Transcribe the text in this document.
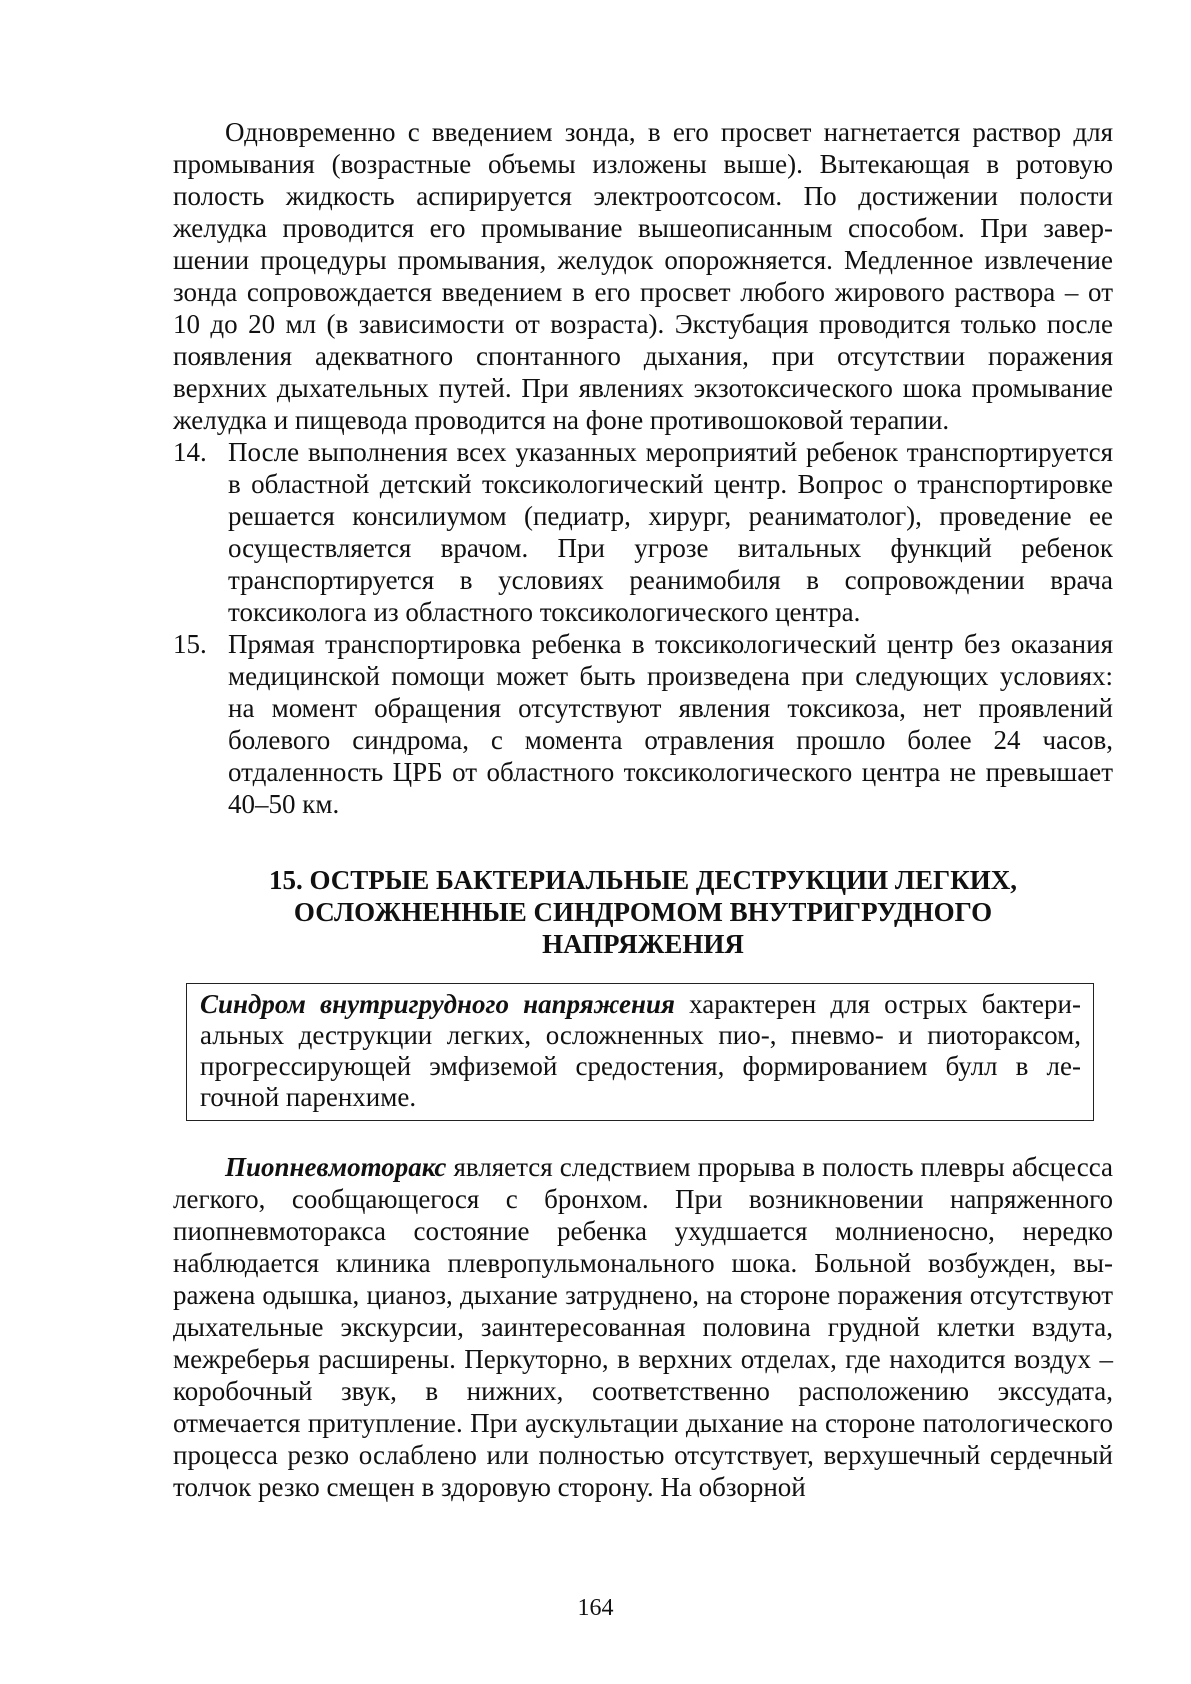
Одновременно с введением зонда, в его просвет нагнетается раствор для промывания (возрастные объемы изложены выше). Вытекающая в ротовую полость жидкость аспирируется электроотсосом. По достижении полости желудка проводится его промывание вышеописанным способом. При завершении процедуры промывания, желудок опорожняется. Медленное извлечение зонда сопровождается введением в его просвет любого жирового раствора – от 10 до 20 мл (в зависимости от возраста). Экстубация проводится только после появления адекватного спонтанного дыхания, при отсутствии поражения верхних дыхательных путей. При явлениях экзотоксического шока промывание желудка и пищевода проводится на фоне противошоковой терапии.

14. После выполнения всех указанных мероприятий ребенок транспортируется в областной детский токсикологический центр. Вопрос о транспортировке решается консилиумом (педиатр, хирург, реаниматолог), проведение ее осуществляется врачом. При угрозе витальных функций ребенок транспортируется в условиях реанимобиля в сопровождении врача токсиколога из областного токсикологического центра.
15. Прямая транспортировка ребенка в токсикологический центр без оказания медицинской помощи может быть произведена при следующих условиях: на момент обращения отсутствуют явления токсикоза, нет проявлений болевого синдрома, с момента отравления прошло более 24 часов, отдаленность ЦРБ от областного токсикологического центра не превышает 40–50 км.
15. ОСТРЫЕ БАКТЕРИАЛЬНЫЕ ДЕСТРУКЦИИ ЛЕГКИХ,
ОСЛОЖНЕННЫЕ СИНДРОМОМ ВНУТРИГРУДНОГО
НАПРЯЖЕНИЯ
Синдром внутригрудного напряжения характерен для острых бактериальных деструкции легких, осложненных пио-, пневмо- и пиотораксом, прогрессирующей эмфиземой средостения, формированием булл в легочной паренхиме.

Пиопневмоторакс является следствием прорыва в полость плевры абсцесса легкого, сообщающегося с бронхом. При возникновении напряженного пиопневмоторакса состояние ребенка ухудшается молниеносно, нередко наблюдается клиника плевропульмонального шока. Больной возбужден, выражена одышка, цианоз, дыхание затруднено, на стороне поражения отсутствуют дыхательные экскурсии, заинтересованная половина грудной клетки вздута, межреберья расширены. Перкуторно, в верхних отделах, где находится воздух – коробочный звук, в нижних, соответственно расположению экссудата, отмечается притупление. При аускультации дыхание на стороне патологического процесса резко ослаблено или полностью отсутствует, верхушечный сердечный толчок резко смещен в здоровую сторону. На обзорной

164
